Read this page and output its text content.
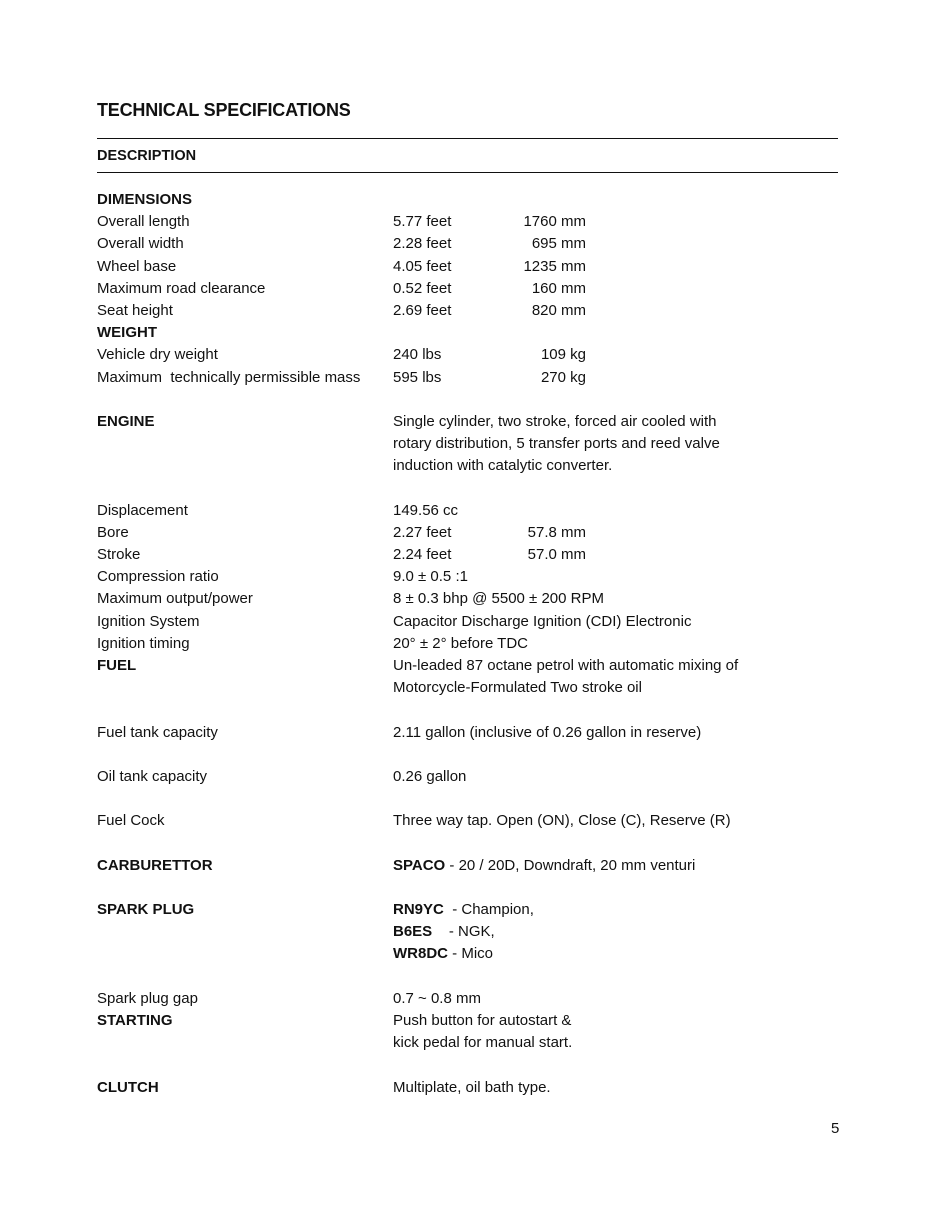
TECHNICAL SPECIFICATIONS
DESCRIPTION
DIMENSIONS
Overall length	5.77 feet	1760 mm
Overall width	2.28 feet	695 mm
Wheel base	4.05 feet	1235 mm
Maximum road clearance	0.52 feet	160 mm
Seat height	2.69 feet	820 mm
WEIGHT
Vehicle dry weight	240 lbs	109 kg
Maximum  technically permissible mass	595 lbs	270 kg
ENGINE	Single cylinder, two stroke, forced air cooled with
rotary distribution, 5 transfer ports and reed valve
induction with catalytic converter.
Displacement	149.56 cc
Bore	2.27 feet	57.8 mm
Stroke	2.24 feet	57.0 mm
Compression ratio	9.0 ± 0.5 :1
Maximum output/power	8 ± 0.3 bhp @ 5500 ± 200 RPM
Ignition System	Capacitor Discharge Ignition (CDI) Electronic
Ignition timing	20° ± 2° before TDC
FUEL	Un-leaded 87 octane petrol with automatic mixing of
Motorcycle-Formulated Two stroke oil
Fuel tank capacity	2.11 gallon (inclusive of 0.26 gallon in reserve)
Oil tank capacity	0.26 gallon
Fuel Cock	Three way tap. Open (ON), Close (C), Reserve (R)
CARBURETTOR	SPACO - 20 / 20D, Downdraft, 20 mm venturi
SPARK PLUG	RN9YC  - Champion,
B6ES    - NGK,
WR8DC - Mico
Spark plug gap	0.7 ~ 0.8 mm
STARTING	Push button for autostart &
kick pedal for manual start.
CLUTCH	Multiplate, oil bath type.
5
